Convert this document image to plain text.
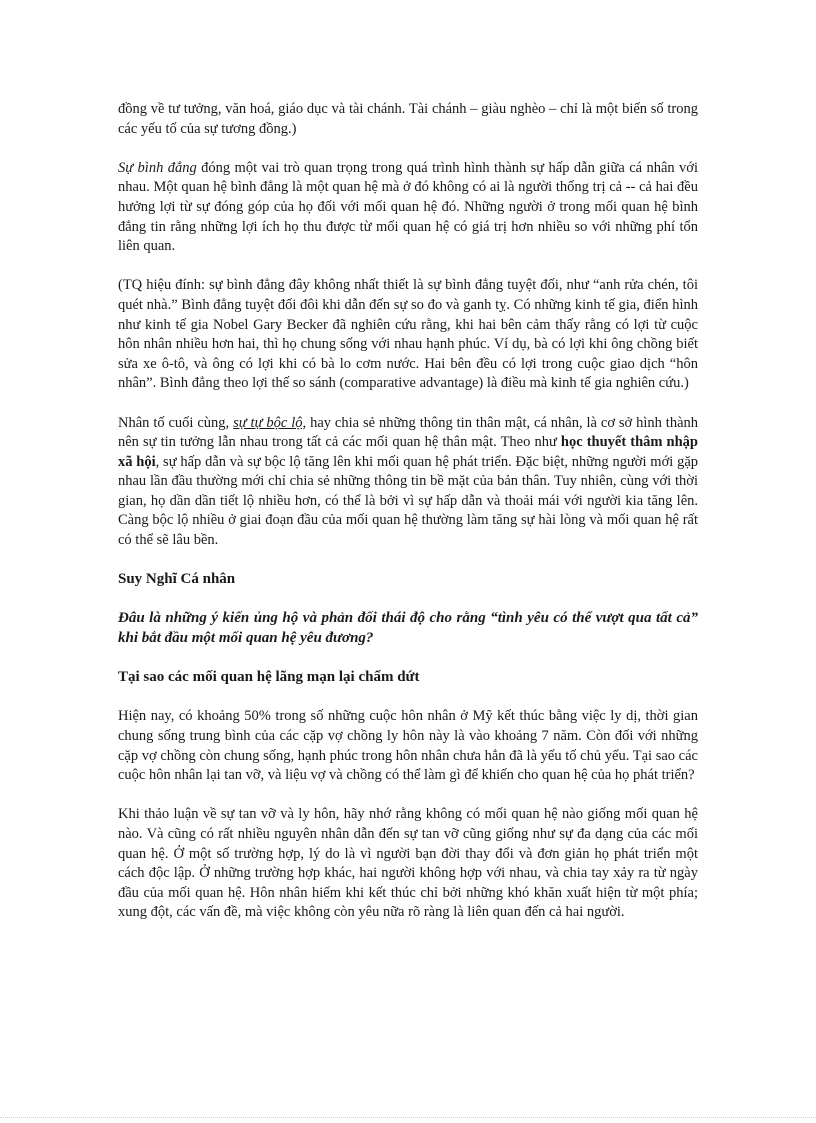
đồng về tư tưởng, văn hoá, giáo dục và tài chánh. Tài chánh – giàu nghèo – chỉ là một biến số trong các yếu tố của sự tương đồng.)

Sự bình đẳng đóng một vai trò quan trọng trong quá trình hình thành sự hấp dẫn giữa cá nhân với nhau. Một quan hệ bình đẳng là một quan hệ mà ở đó không có ai là người thống trị cả -- cả hai đều hưởng lợi từ sự đóng góp của họ đối với mối quan hệ đó. Những người ở trong mối quan hệ bình đẳng tin rằng những lợi ích họ thu được từ mối quan hệ có giá trị hơn nhiều so với những phí tổn liên quan.

(TQ hiệu đính: sự bình đẳng đây không nhất thiết là sự bình đẳng tuyệt đối, như “anh rửa chén, tôi quét nhà.” Bình đẳng tuyệt đối đôi khi dẫn đến sự so đo và ganh tỵ. Có những kinh tế gia, điển hình như kinh tế gia Nobel Gary Becker đã nghiên cứu rằng, khi hai bên cảm thấy rằng có lợi từ cuộc hôn nhân nhiều hơn hai, thì họ chung sống với nhau hạnh phúc. Ví dụ, bà có lợi khi ông chồng biết sửa xe ô-tô, và ông có lợi khi có bà lo cơm nước. Hai bên đều có lợi trong cuộc giao dịch “hôn nhân”. Bình đẳng theo lợi thế so sánh (comparative advantage) là điều mà kinh tế gia nghiên cứu.)

Nhân tố cuối cùng, sự tự bộc lộ, hay chia sẻ những thông tin thân mật, cá nhân, là cơ sở hình thành nên sự tin tưởng lẫn nhau trong tất cả các mối quan hệ thân mật. Theo như học thuyết thâm nhập xã hội, sự hấp dẫn và sự bộc lộ tăng lên khi mối quan hệ phát triển. Đặc biệt, những người mới gặp nhau lần đầu thường mới chỉ chia sẻ những thông tin bề mặt của bản thân. Tuy nhiên, cùng với thời gian, họ dần dần tiết lộ nhiều hơn, có thể là bởi vì sự hấp dẫn và thoải mái với người kia tăng lên. Càng bộc lộ nhiều ở giai đoạn đầu của mối quan hệ thường làm tăng sự hài lòng và mối quan hệ rất có thể sẽ lâu bền.

Suy Nghĩ Cá nhân

Đâu là những ý kiến ủng hộ và phản đối thái độ cho rằng “tình yêu có thể vượt qua tất cả” khi bắt đầu một mối quan hệ yêu đương?

Tại sao các mối quan hệ lãng mạn lại chấm dứt

Hiện nay, có khoảng 50% trong số những cuộc hôn nhân ở Mỹ kết thúc bằng việc ly dị, thời gian chung sống trung bình của các cặp vợ chồng ly hôn này là vào khoảng 7 năm. Còn đối với những cặp vợ chồng còn chung sống, hạnh phúc trong hôn nhân chưa hẳn đã là yếu tố chủ yếu. Tại sao các cuộc hôn nhân lại tan vỡ, và liệu vợ và chồng có thể làm gì để khiến cho quan hệ của họ phát triển?

Khi thảo luận về sự tan vỡ và ly hôn, hãy nhớ rằng không có mối quan hệ nào giống mối quan hệ nào. Và cũng có rất nhiều nguyên nhân dẫn đến sự tan vỡ cũng giống như sự đa dạng của các mối quan hệ. Ở một số trường hợp, lý do là vì người bạn đời thay đổi và đơn giản họ phát triển một cách độc lập. Ở những trường hợp khác, hai người không hợp với nhau, và chia tay xảy ra từ ngày đầu của mối quan hệ. Hôn nhân hiếm khi kết thúc chỉ bởi những khó khăn xuất hiện từ một phía; xung đột, các vấn đề, mà việc không còn yêu nữa rõ ràng là liên quan đến cả hai người.
